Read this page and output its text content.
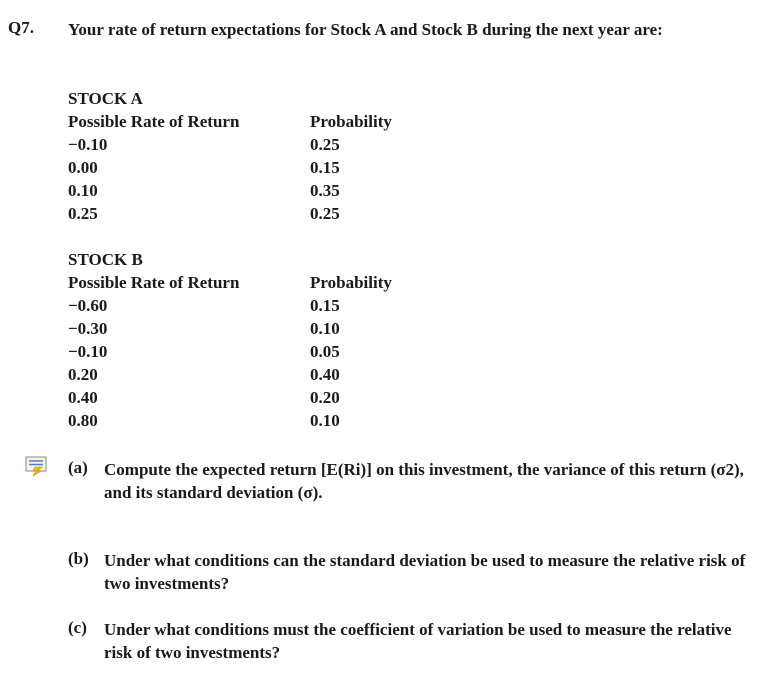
Q7. Your rate of return expectations for Stock A and Stock B during the next year are:
STOCK A
Possible Rate of Return	Probability
−0.10	0.25
0.00	0.15
0.10	0.35
0.25	0.25
STOCK B
Possible Rate of Return	Probability
−0.60	0.15
−0.30	0.10
−0.10	0.05
0.20	0.40
0.40	0.20
0.80	0.10
(a) Compute the expected return [E(Ri)] on this investment, the variance of this return (σ2), and its standard deviation (σ).
(b) Under what conditions can the standard deviation be used to measure the relative risk of two investments?
(c) Under what conditions must the coefficient of variation be used to measure the relative risk of two investments?
